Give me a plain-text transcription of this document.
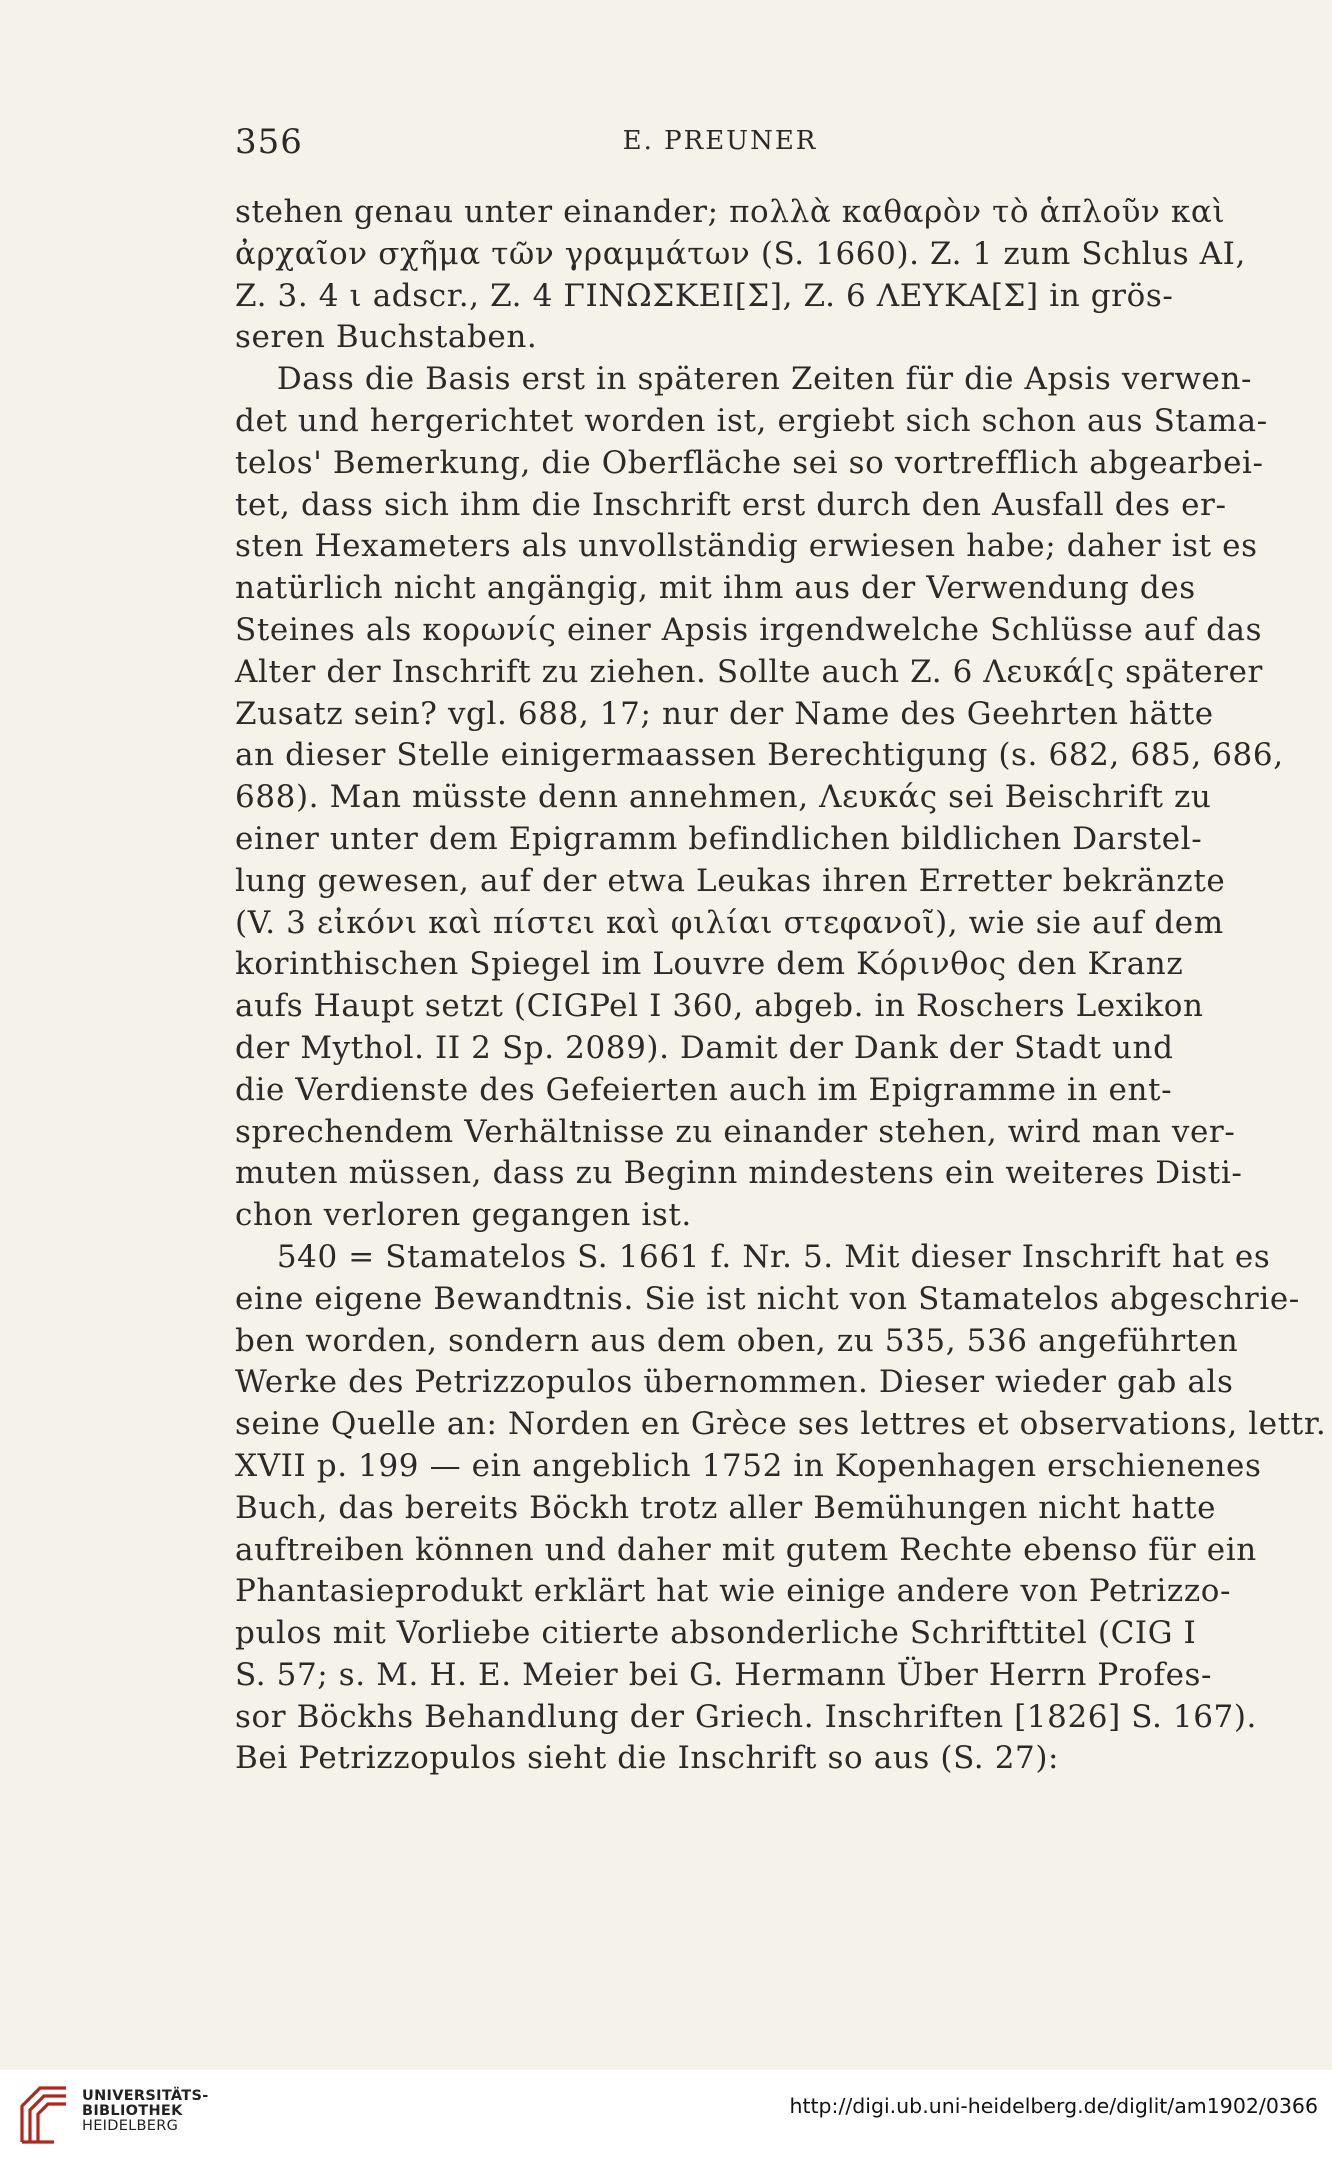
356	E. PREUNER
stehen genau unter einander; πολλὰ καθαρὸν τὸ ἁπλοῦν καὶ
ἀρχαῖον σχῆμα τῶν γραμμάτων (S. 1660). Z. 1 zum Schlus ΑΙ,
Z. 3. 4 ι adscr., Z. 4 ΓΙΝΩΣΚΕΙ[Σ], Z. 6 ΛΕΥΚΑ[Σ] in grös-
seren Buchstaben.
Dass die Basis erst in späteren Zeiten für die Apsis verwen-
det und hergerichtet worden ist, ergiebt sich schon aus Stama-
telos' Bemerkung, die Oberfläche sei so vortrefflich abgearbei-
tet, dass sich ihm die Inschrift erst durch den Ausfall des er-
sten Hexameters als unvollständig erwiesen habe; daher ist es
natürlich nicht angängig, mit ihm aus der Verwendung des
Steines als κορωνίς einer Apsis irgendwelche Schlüsse auf das
Alter der Inschrift zu ziehen. Sollte auch Z. 6 Λευκά[ς späterer
Zusatz sein? vgl. 688, 17; nur der Name des Geehrten hätte
an dieser Stelle einigermaassen Berechtigung (s. 682, 685, 686,
688). Man müsste denn annehmen, Λευκάς sei Beischrift zu
einer unter dem Epigramm befindlichen bildlichen Darstel-
lung gewesen, auf der etwa Leukas ihren Erretter bekränzte
(V. 3 εἰκόνι καὶ πίστει καὶ φιλίαι στεφανοῖ), wie sie auf dem
korinthischen Spiegel im Louvre dem Κόρινθος den Kranz
aufs Haupt setzt (CIGPel I 360, abgeb. in Roschers Lexikon
der Mythol. II 2 Sp. 2089). Damit der Dank der Stadt und
die Verdienste des Gefeierten auch im Epigramme in ent-
sprechendem Verhältnisse zu einander stehen, wird man ver-
muten müssen, dass zu Beginn mindestens ein weiteres Disti-
chon verloren gegangen ist.
540 = Stamatelos S. 1661 f. Nr. 5. Mit dieser Inschrift hat es
eine eigene Bewandtnis. Sie ist nicht von Stamatelos abgeschrie-
ben worden, sondern aus dem oben, zu 535, 536 angeführten
Werke des Petrizzopulos übernommen. Dieser wieder gab als
seine Quelle an: Norden en Grèce ses lettres et observations, lettr.
XVII p. 199 — ein angeblich 1752 in Kopenhagen erschienenes
Buch, das bereits Böckh trotz aller Bemühungen nicht hatte
auftreiben können und daher mit gutem Rechte ebenso für ein
Phantasieprodukt erklärt hat wie einige andere von Petrizzo-
pulos mit Vorliebe citierte absonderliche Schrifttitel (CIG I
S. 57; s. M. H. E. Meier bei G. Hermann Über Herrn Profes-
sor Böckhs Behandlung der Griech. Inschriften [1826] S. 167).
Bei Petrizzopulos sieht die Inschrift so aus (S. 27):
UNIVERSITÄTS-
BIBLIOTHEK
HEIDELBERG
http://digi.ub.uni-heidelberg.de/diglit/am1902/0366
